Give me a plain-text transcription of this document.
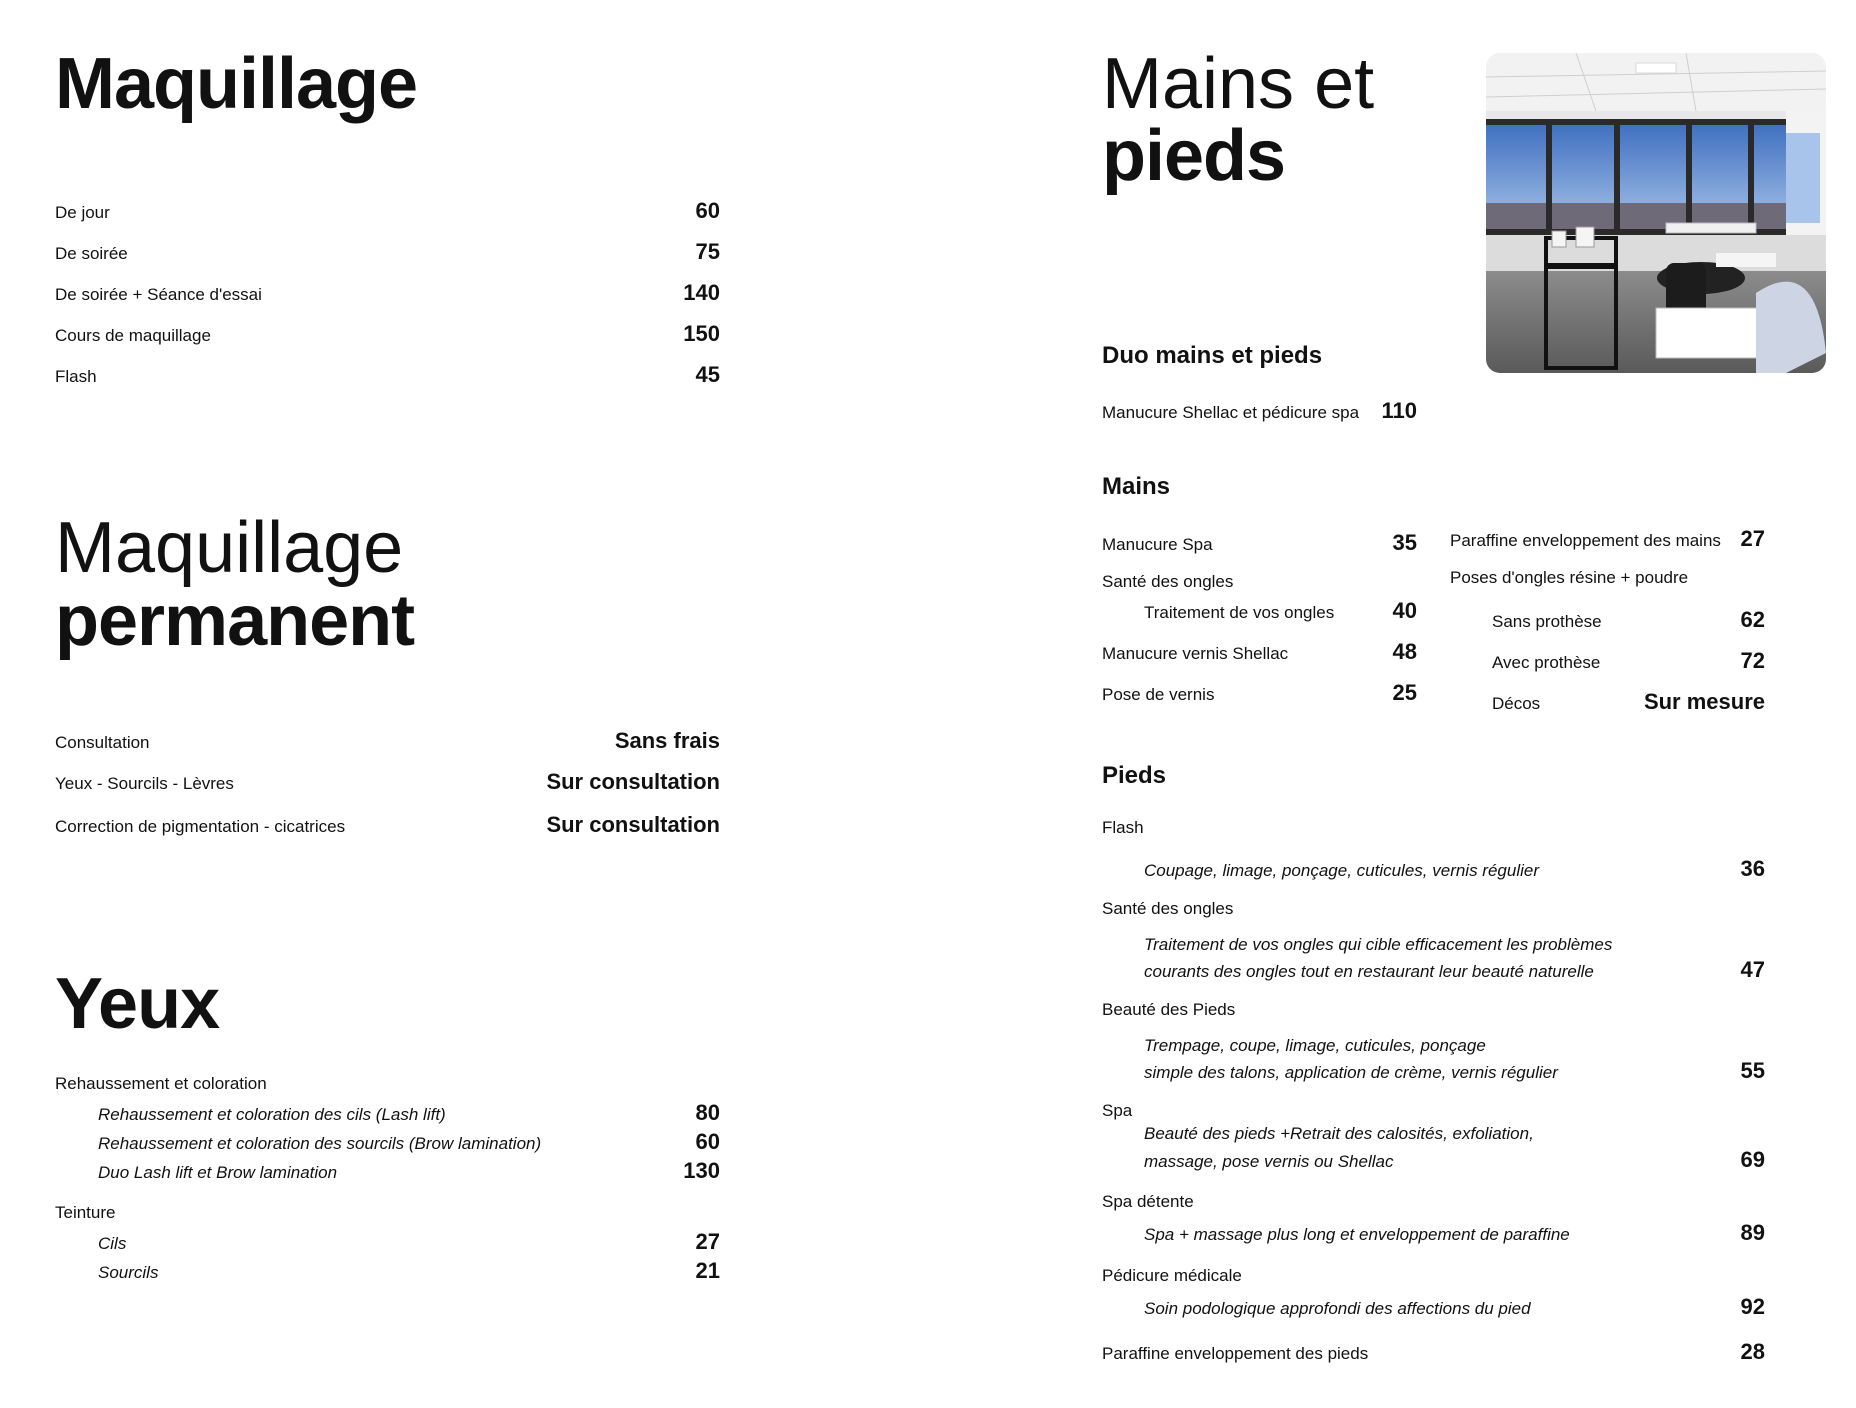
Maquillage
De jour	60
De soirée	75
De soirée + Séance d'essai	140
Cours de maquillage	150
Flash	45
Maquillage
permanent
Consultation	Sans frais
Yeux - Sourcils - Lèvres	Sur consultation
Correction de pigmentation - cicatrices	Sur consultation
Yeux
Rehaussement et coloration
Rehaussement et coloration des cils (Lash lift)	80
Rehaussement et coloration des sourcils (Brow lamination)	60
Duo Lash lift et Brow lamination	130
Teinture
Cils	27
Sourcils	21
Mains et
pieds
Duo mains et pieds
Manucure Shellac et pédicure spa 110
Mains
Manucure Spa	35
Santé des ongles
Traitement de vos ongles	40
Manucure vernis Shellac	48
Pose de vernis	25
Paraffine enveloppement des mains 27
Poses d'ongles résine + poudre
Sans prothèse	62
Avec prothèse	72
Décos	Sur mesure
Pieds
Flash
Coupage, limage, ponçage, cuticules, vernis régulier	36
Santé des ongles
Traitement de vos ongles qui cible efficacement les problèmes
courants des ongles tout en restaurant leur beauté naturelle	47
Beauté des Pieds
Trempage, coupe, limage, cuticules, ponçage
simple des talons, application de crème, vernis régulier	55
Spa
Beauté des pieds +Retrait des calosités, exfoliation,
massage, pose vernis ou Shellac	69
Spa détente
Spa + massage plus long et enveloppement de paraffine	89
Pédicure médicale
Soin podologique approfondi des affections du pied	92
Paraffine enveloppement des pieds	28
